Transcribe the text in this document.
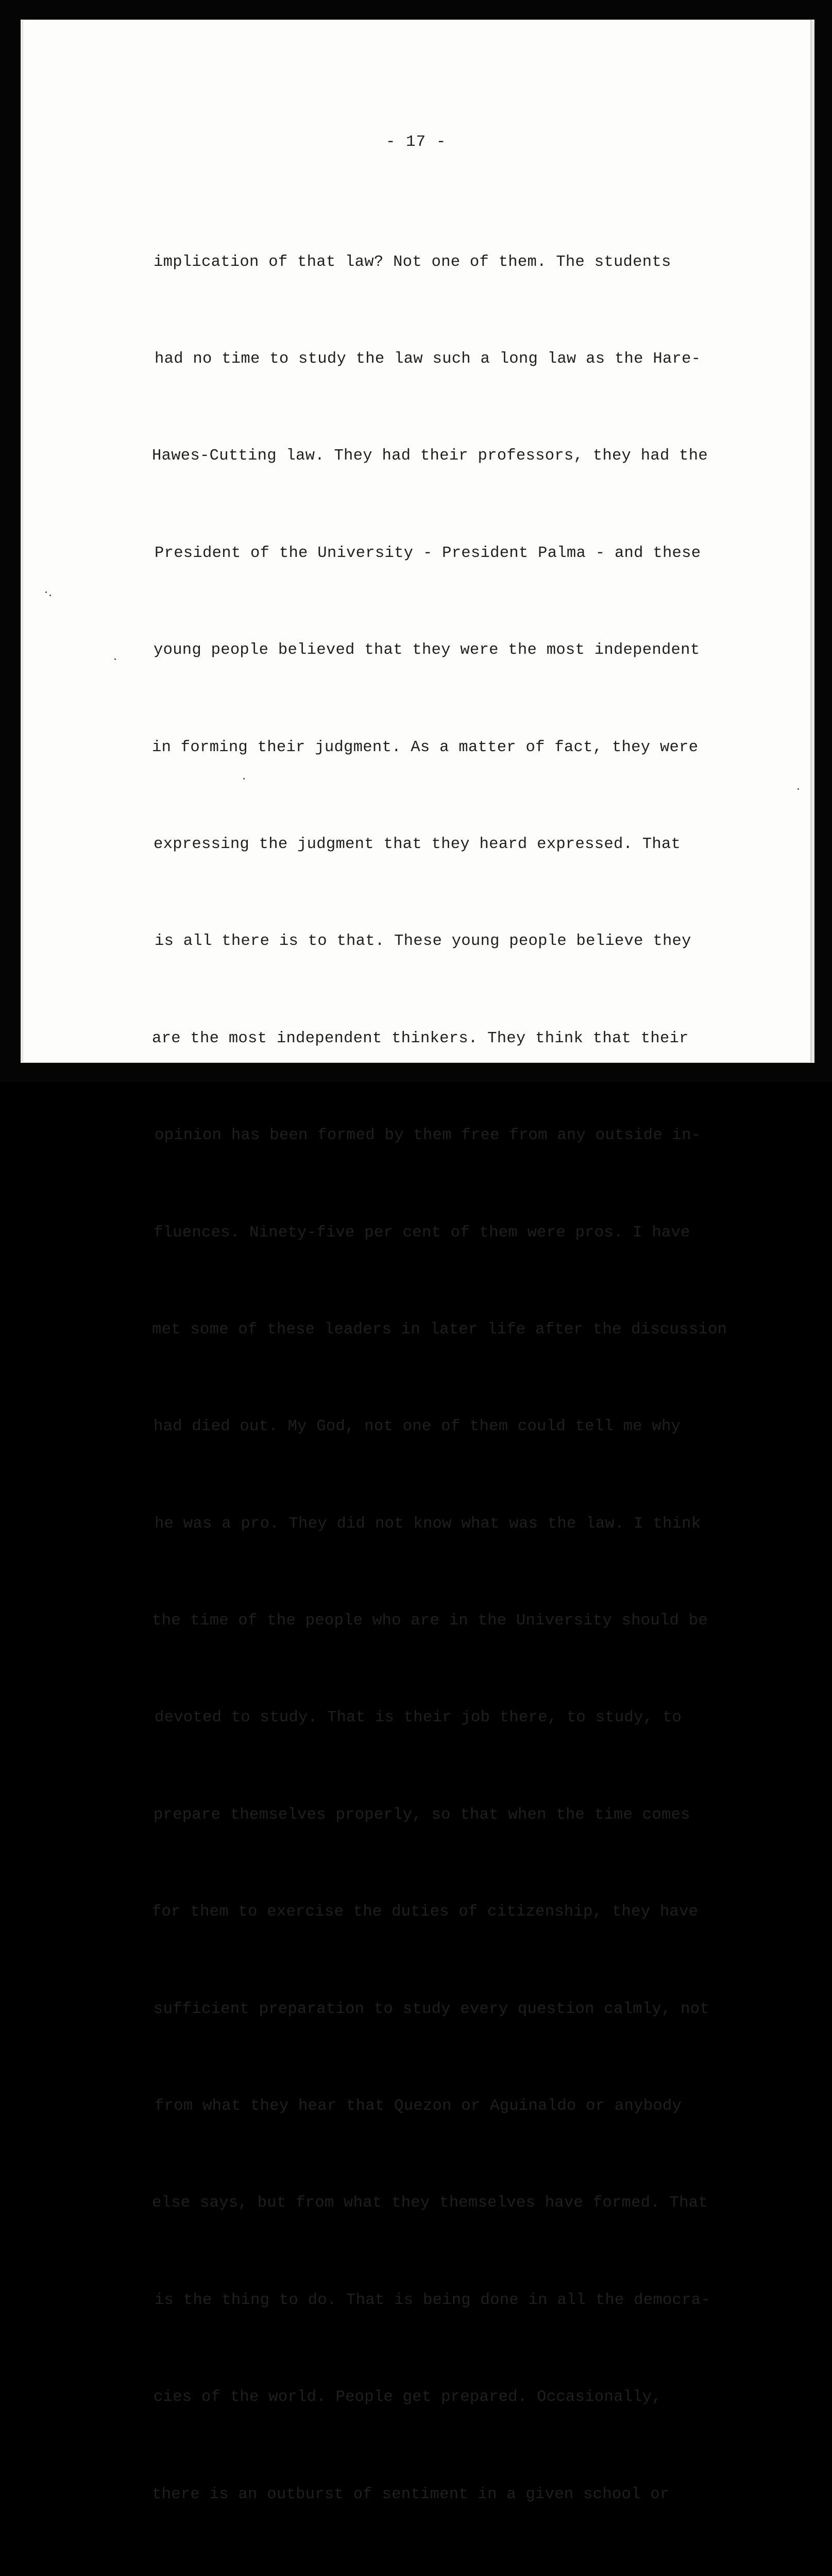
- 17 -

implication of that law? Not one of them. The students

had no time to study the law such a long law as the Hare-

Hawes-Cutting law. They had their professors, they had the

President of the University - President Palma - and these

young people believed that they were the most independent

in forming their judgment. As a matter of fact, they were

expressing the judgment that they heard expressed. That

is all there is to that. These young people believe they

are the most independent thinkers. They think that their

opinion has been formed by them free from any outside in-

fluences. Ninety-five per cent of them were pros. I have

met some of these leaders in later life after the discussion

had died out. My God, not one of them could tell me why

he was a pro. They did not know what was the law. I think

the time of the people who are in the University should be

devoted to study. That is their job there, to study, to

prepare themselves properly, so that when the time comes

for them to exercise the duties of citizenship, they have

sufficient preparation to study every question calmly, not

from what they hear that Quezon or Aguinaldo or anybody

else says, but from what they themselves have formed. That

is the thing to do. That is being done in all the democra-

cies of the world. People get prepared. Occasionally,

there is an outburst of sentiment in a given school or
